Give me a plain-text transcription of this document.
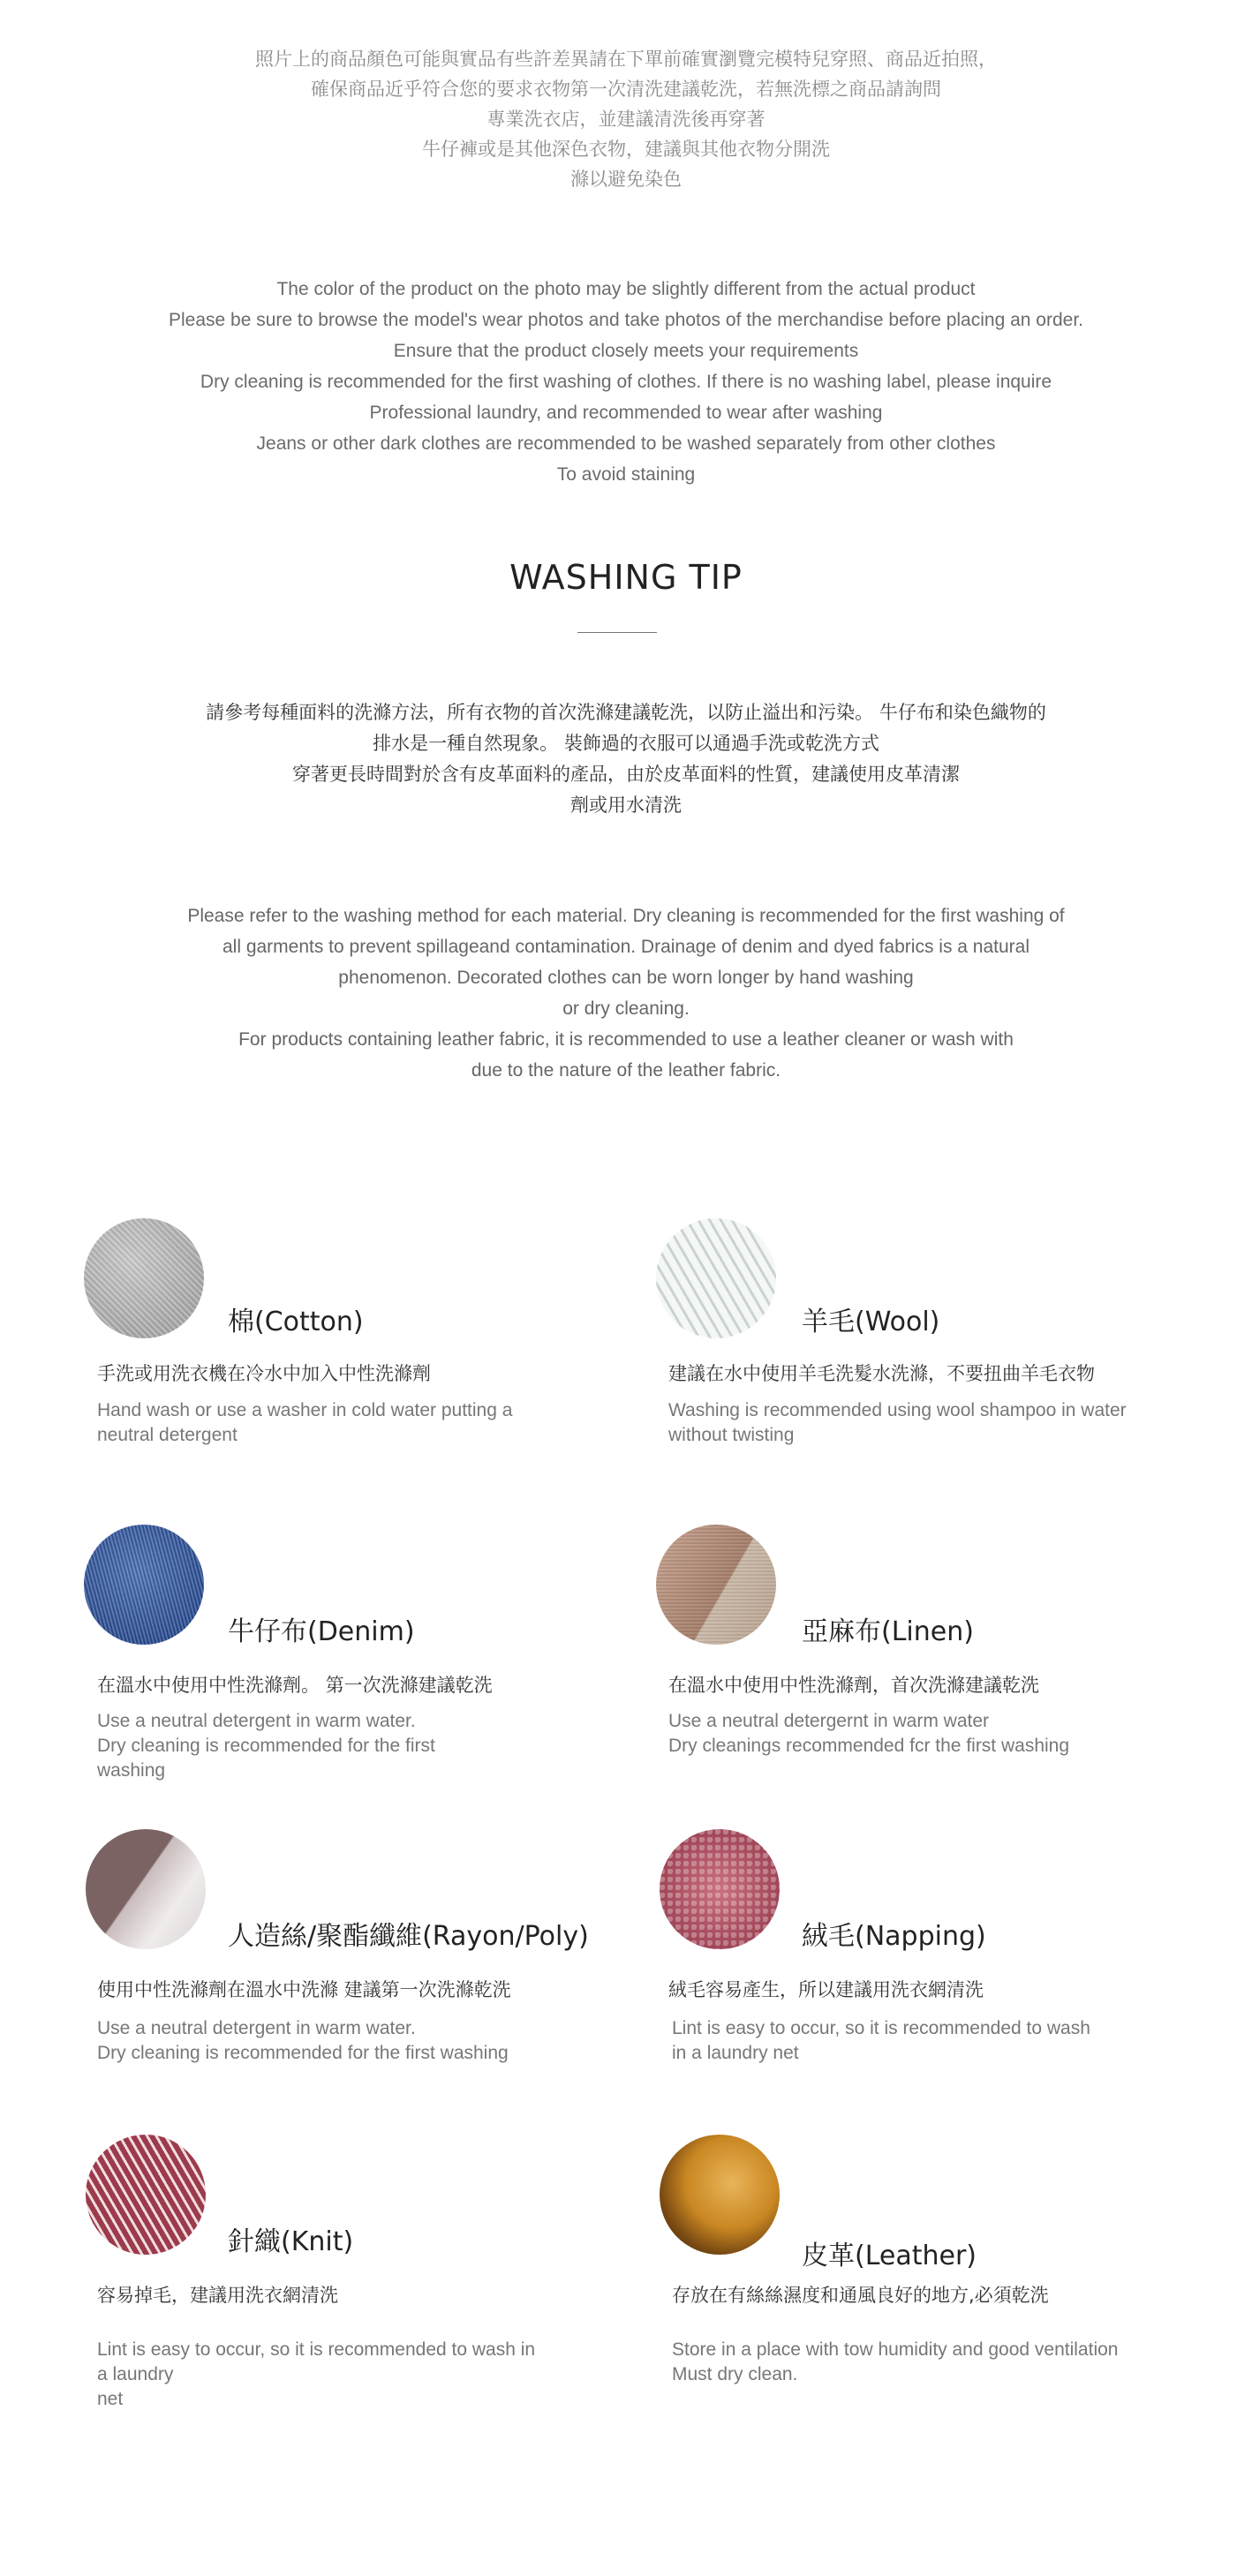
照片上的商品顏色可能與實品有些許差異請在下單前確實瀏覽完模特兒穿照、商品近拍照，
確保商品近乎符合您的要求衣物第一次清洗建議乾洗，若無洗標之商品請詢問
專業洗衣店，並建議清洗後再穿著
牛仔褲或是其他深色衣物，建議與其他衣物分開洗
滌以避免染色
The color of the product on the photo may be slightly different from the actual product
Please be sure to browse the model's wear photos and take photos of the merchandise before placing an order.
Ensure that the product closely meets your requirements
Dry cleaning is recommended for the first washing of clothes. If there is no washing label, please inquire
Professional laundry, and recommended to wear after washing
Jeans or other dark clothes are recommended to be washed separately from other clothes
To avoid staining
WASHING TIP
請參考每種面料的洗滌方法，所有衣物的首次洗滌建議乾洗，以防止溢出和污染。 牛仔布和染色織物的
排水是一種自然現象。 裝飾過的衣服可以通過手洗或乾洗方式
穿著更長時間對於含有皮革面料的產品，由於皮革面料的性質，建議使用皮革清潔
劑或用水清洗
Please refer to the washing method for each material. Dry cleaning is recommended for the first washing of
all garments to prevent spillageand contamination. Drainage of denim and dyed fabrics is a natural
phenomenon. Decorated clothes can be worn longer by hand washing
or dry cleaning.
For products containing leather fabric, it is recommended to use a leather cleaner or wash with
due to the nature of the leather fabric.
棉(Cotton)
手洗或用洗衣機在冷水中加入中性洗滌劑
Hand wash or use a washer in cold water putting a
neutral detergent
羊毛(Wool)
建議在水中使用羊毛洗髮水洗滌，不要扭曲羊毛衣物
Washing is recommended using wool shampoo in water
without twisting
牛仔布(Denim)
在溫水中使用中性洗滌劑。 第一次洗滌建議乾洗
Use a neutral detergent in warm water.
Dry cleaning is recommended for the first
washing
亞麻布(Linen)
在溫水中使用中性洗滌劑，首次洗滌建議乾洗
Use a neutral detergernt in warm water
Dry cleanings recommended fcr the first washing
人造絲/聚酯纖維(Rayon/Poly)
使用中性洗滌劑在溫水中洗滌 建議第一次洗滌乾洗
Use a neutral detergent in warm water.
Dry cleaning is recommended for the first washing
絨毛(Napping)
絨毛容易產生，所以建議用洗衣網清洗
Lint is easy to occur, so it is recommended to wash
in a laundry net
針織(Knit)
容易掉毛，建議用洗衣網清洗
Lint is easy to occur, so it is recommended to wash in
a laundry
net
皮革(Leather)
存放在有絲絲濕度和通風良好的地方,必須乾洗
Store in a place with tow humidity and good ventilation
Must dry clean.
